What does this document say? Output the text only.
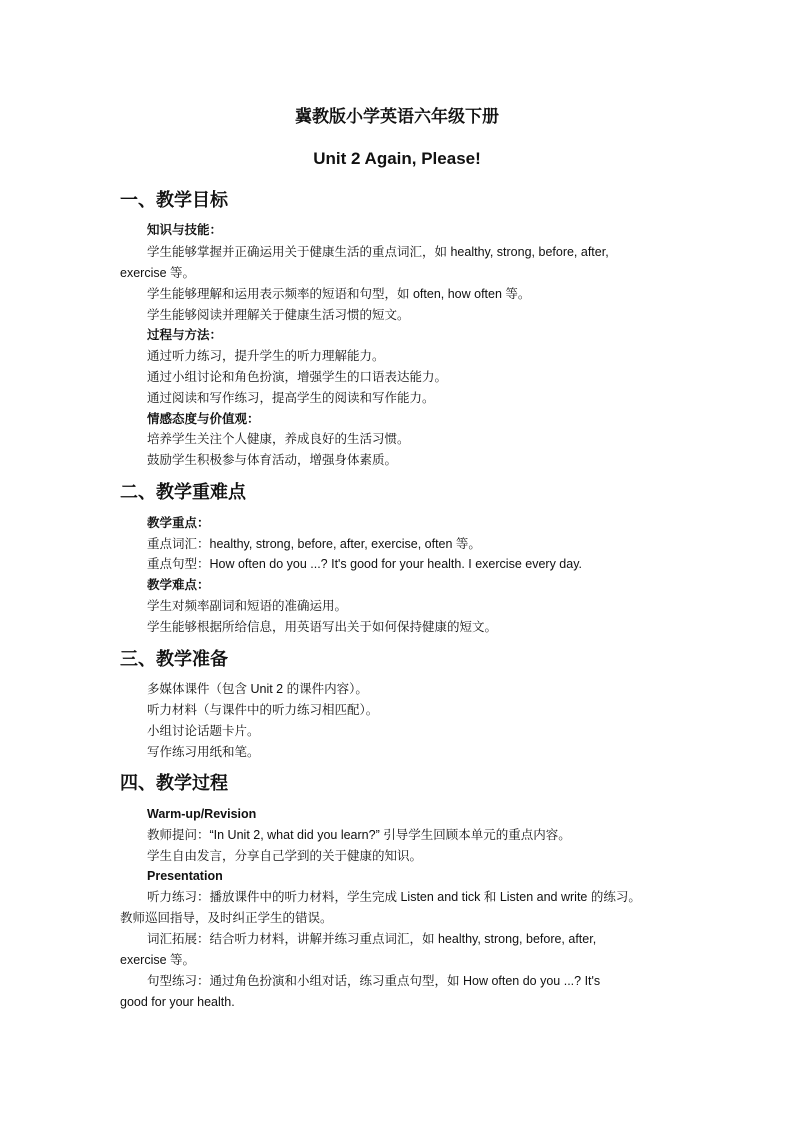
冀教版小学英语六年级下册
Unit 2 Again, Please!
一、教学目标
知识与技能：
学生能够掌握并正确运用关于健康生活的重点词汇，如 healthy, strong, before, after,
exercise 等。
学生能够理解和运用表示频率的短语和句型，如 often, how often 等。
学生能够阅读并理解关于健康生活习惯的短文。
过程与方法：
通过听力练习，提升学生的听力理解能力。
通过小组讨论和角色扮演，增强学生的口语表达能力。
通过阅读和写作练习，提高学生的阅读和写作能力。
情感态度与价值观：
培养学生关注个人健康，养成良好的生活习惯。
鼓励学生积极参与体育活动，增强身体素质。
二、教学重难点
教学重点：
重点词汇：healthy, strong, before, after, exercise, often 等。
重点句型：How often do you ...? It's good for your health. I exercise every day.
教学难点：
学生对频率副词和短语的准确运用。
学生能够根据所给信息，用英语写出关于如何保持健康的短文。
三、教学准备
多媒体课件（包含 Unit 2 的课件内容）。
听力材料（与课件中的听力练习相匹配）。
小组讨论话题卡片。
写作练习用纸和笔。
四、教学过程
Warm-up/Revision
教师提问：“In Unit 2, what did you learn?” 引导学生回顾本单元的重点内容。
学生自由发言，分享自己学到的关于健康的知识。
Presentation
听力练习：播放课件中的听力材料，学生完成 Listen and tick 和 Listen and write 的练习。
教师巡回指导，及时纠正学生的错误。
词汇拓展：结合听力材料，讲解并练习重点词汇，如 healthy, strong, before, after,
exercise 等。
句型练习：通过角色扮演和小组对话，练习重点句型，如 How often do you ...? It's
good for your health.
